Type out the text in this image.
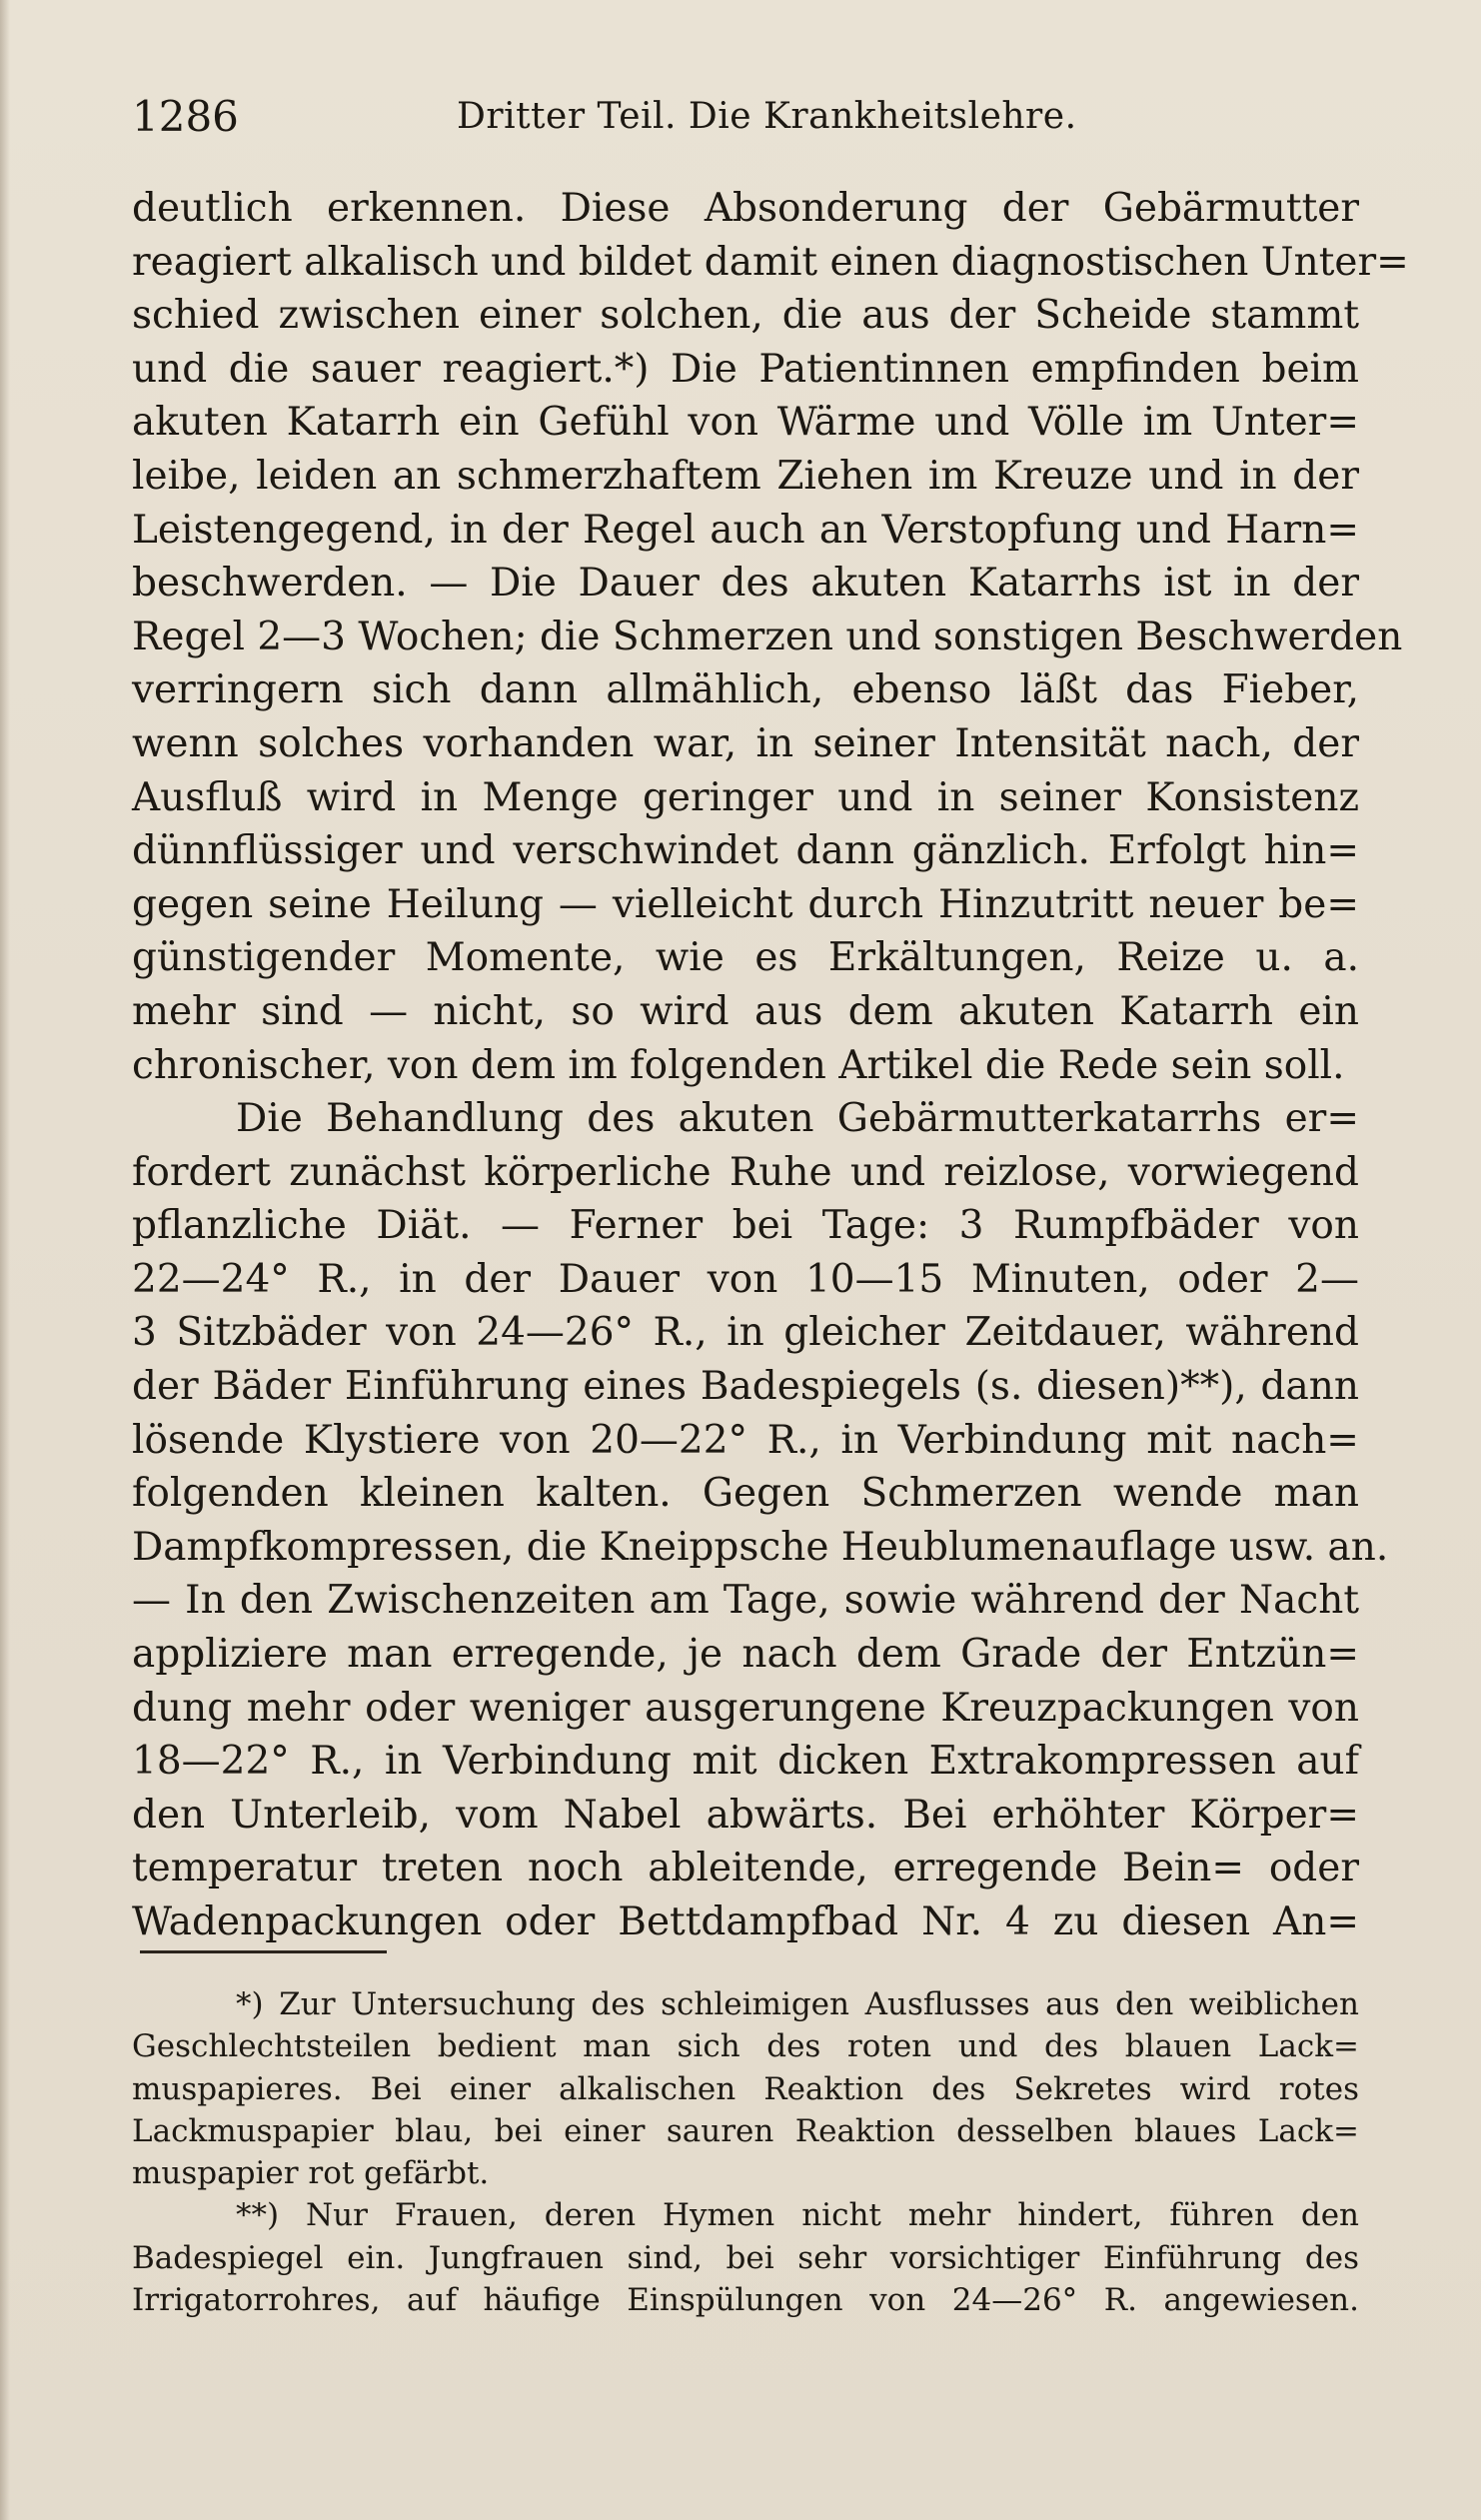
1286	Dritter Teil. Die Krankheitslehre.

deutlich erkennen. Diese Absonderung der Gebärmutter
reagiert alkalisch und bildet damit einen diagnostischen Unter=
schied zwischen einer solchen, die aus der Scheide stammt
und die sauer reagiert.*) Die Patientinnen empfinden beim
akuten Katarrh ein Gefühl von Wärme und Völle im Unter=
leibe, leiden an schmerzhaftem Ziehen im Kreuze und in der
Leistengegend, in der Regel auch an Verstopfung und Harn=
beschwerden. — Die Dauer des akuten Katarrhs ist in der
Regel 2—3 Wochen; die Schmerzen und sonstigen Beschwerden
verringern sich dann allmählich, ebenso läßt das Fieber,
wenn solches vorhanden war, in seiner Intensität nach, der
Ausfluß wird in Menge geringer und in seiner Konsistenz
dünnflüssiger und verschwindet dann gänzlich. Erfolgt hin=
gegen seine Heilung — vielleicht durch Hinzutritt neuer be=
günstigender Momente, wie es Erkältungen, Reize u. a.
mehr sind — nicht, so wird aus dem akuten Katarrh ein
chronischer, von dem im folgenden Artikel die Rede sein soll.

Die Behandlung des akuten Gebärmutterkatarrhs er=
fordert zunächst körperliche Ruhe und reizlose, vorwiegend
pflanzliche Diät. — Ferner bei Tage: 3 Rumpfbäder von
22—24° R., in der Dauer von 10—15 Minuten, oder 2—
3 Sitzbäder von 24—26° R., in gleicher Zeitdauer, während
der Bäder Einführung eines Badespiegels (s. diesen)**), dann
lösende Klystiere von 20—22° R., in Verbindung mit nach=
folgenden kleinen kalten. Gegen Schmerzen wende man
Dampfkompressen, die Kneippsche Heublumenauflage usw. an.
— In den Zwischenzeiten am Tage, sowie während der Nacht
appliziere man erregende, je nach dem Grade der Entzün=
dung mehr oder weniger ausgerungene Kreuzpackungen von
18—22° R., in Verbindung mit dicken Extrakompressen auf
den Unterleib, vom Nabel abwärts. Bei erhöhter Körper=
temperatur treten noch ableitende, erregende Bein= oder
Wadenpackungen oder Bettdampfbad Nr. 4 zu diesen An=

*) Zur Untersuchung des schleimigen Ausflusses aus den weiblichen
Geschlechtsteilen bedient man sich des roten und des blauen Lack=
muspapieres. Bei einer alkalischen Reaktion des Sekretes wird rotes
Lackmuspapier blau, bei einer sauren Reaktion desselben blaues Lack=
muspapier rot gefärbt.
**) Nur Frauen, deren Hymen nicht mehr hindert, führen den
Badespiegel ein. Jungfrauen sind, bei sehr vorsichtiger Einführung des
Irrigatorrohres, auf häufige Einspülungen von 24—26° R. angewiesen.
